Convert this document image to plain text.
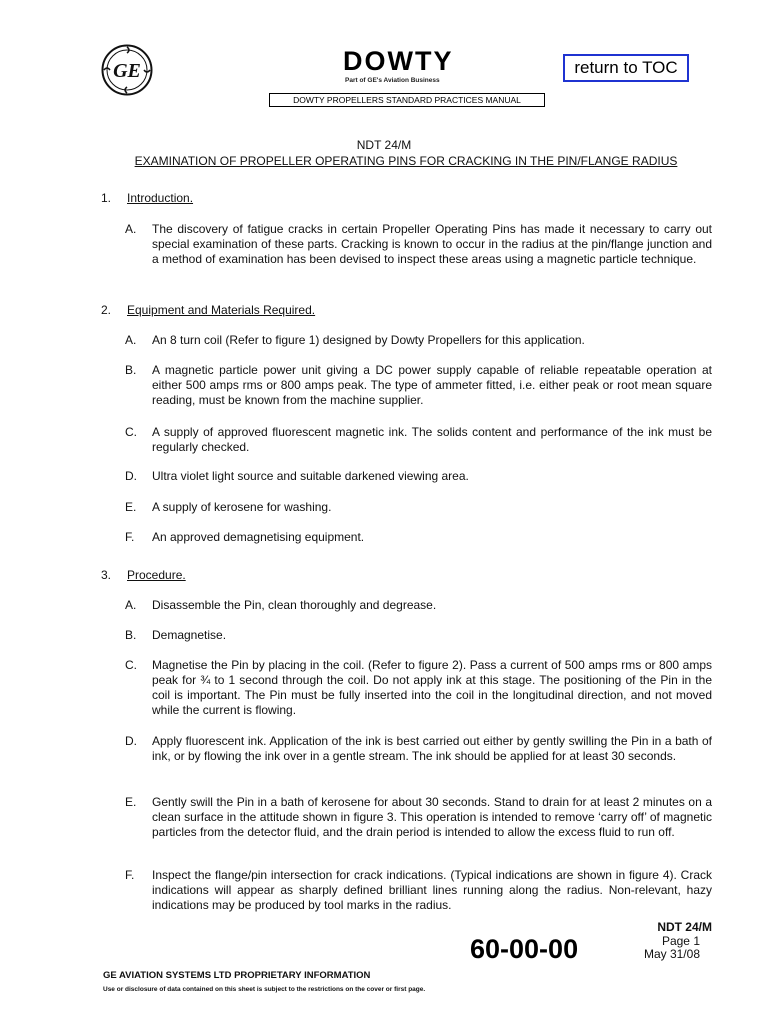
GE	DOWTY
Part of GE's Aviation Business
return to TOC
DOWTY PROPELLERS STANDARD PRACTICES MANUAL
NDT 24/M
EXAMINATION OF PROPELLER OPERATING PINS FOR CRACKING IN THE PIN/FLANGE RADIUS
1. Introduction.
A. The discovery of fatigue cracks in certain Propeller Operating Pins has made it necessary to carry out special examination of these parts. Cracking is known to occur in the radius at the pin/flange junction and a method of examination has been devised to inspect these areas using a magnetic particle technique.
2. Equipment and Materials Required.
A. An 8 turn coil (Refer to figure 1) designed by Dowty Propellers for this application.
B. A magnetic particle power unit giving a DC power supply capable of reliable repeatable operation at either 500 amps rms or 800 amps peak. The type of ammeter fitted, i.e. either peak or root mean square reading, must be known from the machine supplier.
C. A supply of approved fluorescent magnetic ink. The solids content and performance of the ink must be regularly checked.
D. Ultra violet light source and suitable darkened viewing area.
E. A supply of kerosene for washing.
F. An approved demagnetising equipment.
3. Procedure.
A. Disassemble the Pin, clean thoroughly and degrease.
B. Demagnetise.
C. Magnetise the Pin by placing in the coil. (Refer to figure 2). Pass a current of 500 amps rms or 800 amps peak for ¾ to 1 second through the coil. Do not apply ink at this stage. The positioning of the Pin in the coil is important. The Pin must be fully inserted into the coil in the longitudinal direction, and not moved while the current is flowing.
D. Apply fluorescent ink. Application of the ink is best carried out either by gently swilling the Pin in a bath of ink, or by flowing the ink over in a gentle stream. The ink should be applied for at least 30 seconds.
E. Gently swill the Pin in a bath of kerosene for about 30 seconds. Stand to drain for at least 2 minutes on a clean surface in the attitude shown in figure 3. This operation is intended to remove ‘carry off’ of magnetic particles from the detector fluid, and the drain period is intended to allow the excess fluid to run off.
F. Inspect the flange/pin intersection for crack indications. (Typical indications are shown in figure 4). Crack indications will appear as sharply defined brilliant lines running along the radius. Non-relevant, hazy indications may be produced by tool marks in the radius.
NDT 24/M
60-00-00	Page 1
May 31/08
GE AVIATION SYSTEMS LTD PROPRIETARY INFORMATION
Use or disclosure of data contained on this sheet is subject to the restrictions on the cover or first page.
